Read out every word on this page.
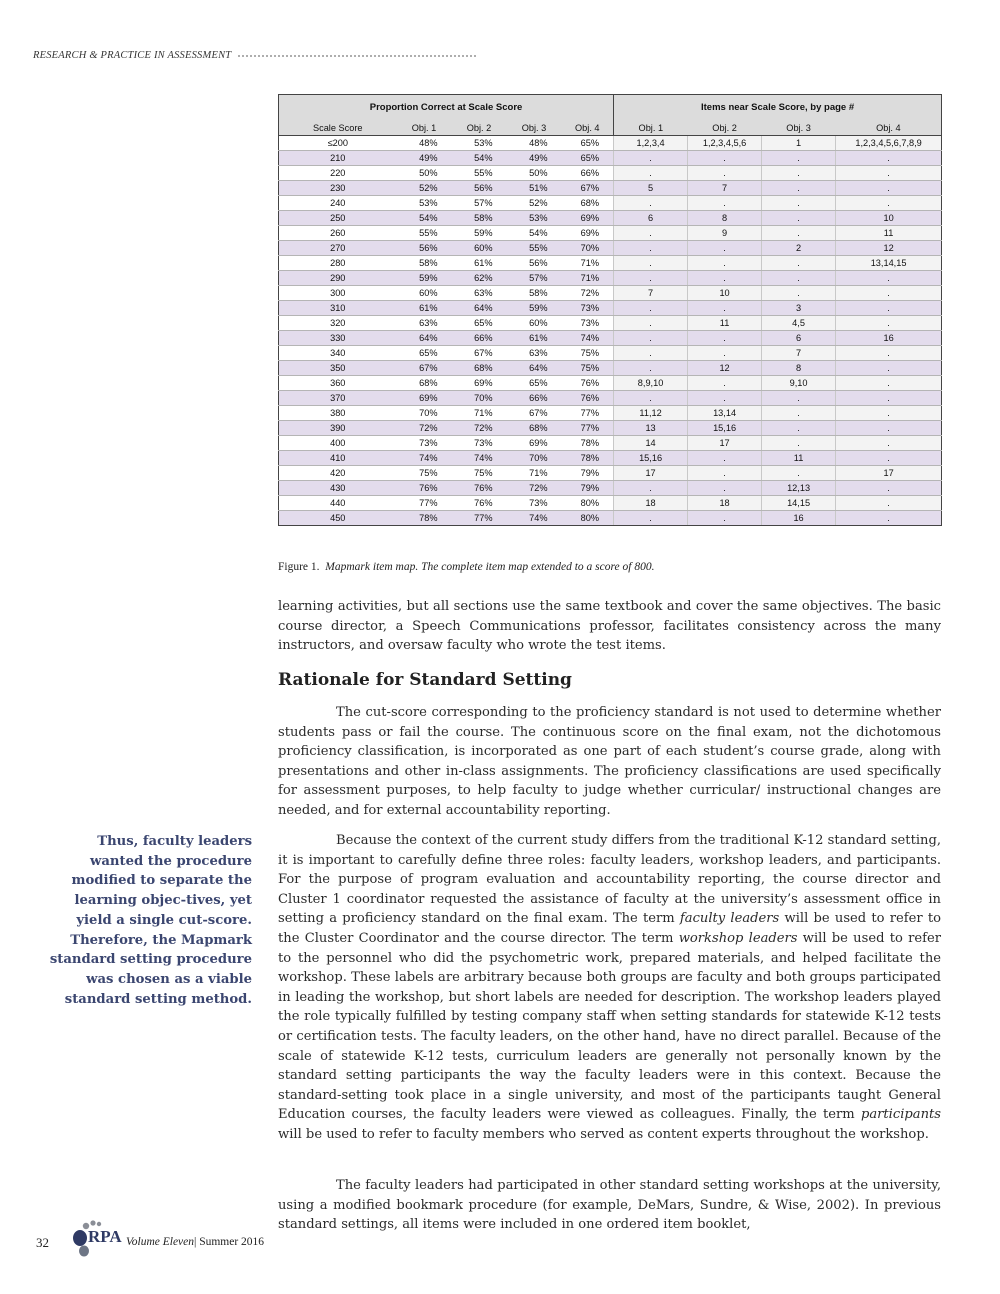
RESEARCH & PRACTICE IN ASSESSMENT
Proportion Correct at Scale Score					Items near Scale Score, by page #			
Scale Score	Obj. 1	Obj. 2	Obj. 3	Obj. 4	Obj. 1	Obj. 2	Obj. 3	Obj. 4
≤200	48%	53%	48%	65%	1,2,3,4	1,2,3,4,5,6	1	1,2,3,4,5,6,7,8,9
210	49%	54%	49%	65%	.	.	.	.
220	50%	55%	50%	66%	.	.	.	.
230	52%	56%	51%	67%	5	7	.	.
240	53%	57%	52%	68%	.	.	.	.
250	54%	58%	53%	69%	6	8	.	10
260	55%	59%	54%	69%	.	9	.	11
270	56%	60%	55%	70%	.	.	2	12
280	58%	61%	56%	71%	.	.	.	13,14,15
290	59%	62%	57%	71%	.	.	.	.
300	60%	63%	58%	72%	7	10	.	.
310	61%	64%	59%	73%	.	.	3	.
320	63%	65%	60%	73%	.	11	4,5	.
330	64%	66%	61%	74%	.	.	6	16
340	65%	67%	63%	75%	.	.	7	.
350	67%	68%	64%	75%	.	12	8	.
360	68%	69%	65%	76%	8,9,10	.	9,10	.
370	69%	70%	66%	76%	.	.	.	.
380	70%	71%	67%	77%	11,12	13,14	.	.
390	72%	72%	68%	77%	13	15,16	.	.
400	73%	73%	69%	78%	14	17	.	.
410	74%	74%	70%	78%	15,16	.	11	.
420	75%	75%	71%	79%	17	.	.	17
430	76%	76%	72%	79%	.	.	12,13	.
440	77%	76%	73%	80%	18	18	14,15	.
450	78%	77%	74%	80%	.	.	16	.
Figure 1. Mapmark item map. The complete item map extended to a score of 800.

learning activities, but all sections use the same textbook and cover the same objectives. The basic course director, a Speech Communications professor, facilitates consistency across the many instructors, and oversaw faculty who wrote the test items.

Rationale for Standard Setting

The cut-score corresponding to the proficiency standard is not used to determine whether students pass or fail the course. The continuous score on the final exam, not the dichotomous proficiency classification, is incorporated as one part of each student’s course grade, along with presentations and other in-class assignments. The proficiency classifications are used specifically for assessment purposes, to help faculty to judge whether curricular/ instructional changes are needed, and for external accountability reporting.

Because the context of the current study differs from the traditional K-12 standard setting, it is important to carefully define three roles: faculty leaders, workshop leaders, and participants. For the purpose of program evaluation and accountability reporting, the course director and Cluster 1 coordinator requested the assistance of faculty at the university’s assessment office in setting a proficiency standard on the final exam. The term faculty leaders will be used to refer to the Cluster Coordinator and the course director. The term workshop leaders will be used to refer to the personnel who did the psychometric work, prepared materials, and helped facilitate the workshop. These labels are arbitrary because both groups are faculty and both groups participated in leading the workshop, but short labels are needed for description. The workshop leaders played the role typically fulfilled by testing company staff when setting standards for statewide K-12 tests or certification tests. The faculty leaders, on the other hand, have no direct parallel. Because of the scale of statewide K-12 tests, curriculum leaders are generally not personally known by the standard setting participants the way the faculty leaders were in this context. Because the standard-setting took place in a single university, and most of the participants taught General Education courses, the faculty leaders were viewed as colleagues. Finally, the term participants will be used to refer to faculty members who served as content experts throughout the workshop.

The faculty leaders had participated in other standard setting workshops at the university, using a modified bookmark procedure (for example, DeMars, Sundre, & Wise, 2002). In previous standard settings, all items were included in one ordered item booklet,

Thus, faculty leaders wanted the procedure modified to separate the learning objec-tives, yet yield a single cut-score. Therefore, the Mapmark standard setting procedure was chosen as a viable standard setting method.
32 RPA Volume Eleven| Summer 2016
